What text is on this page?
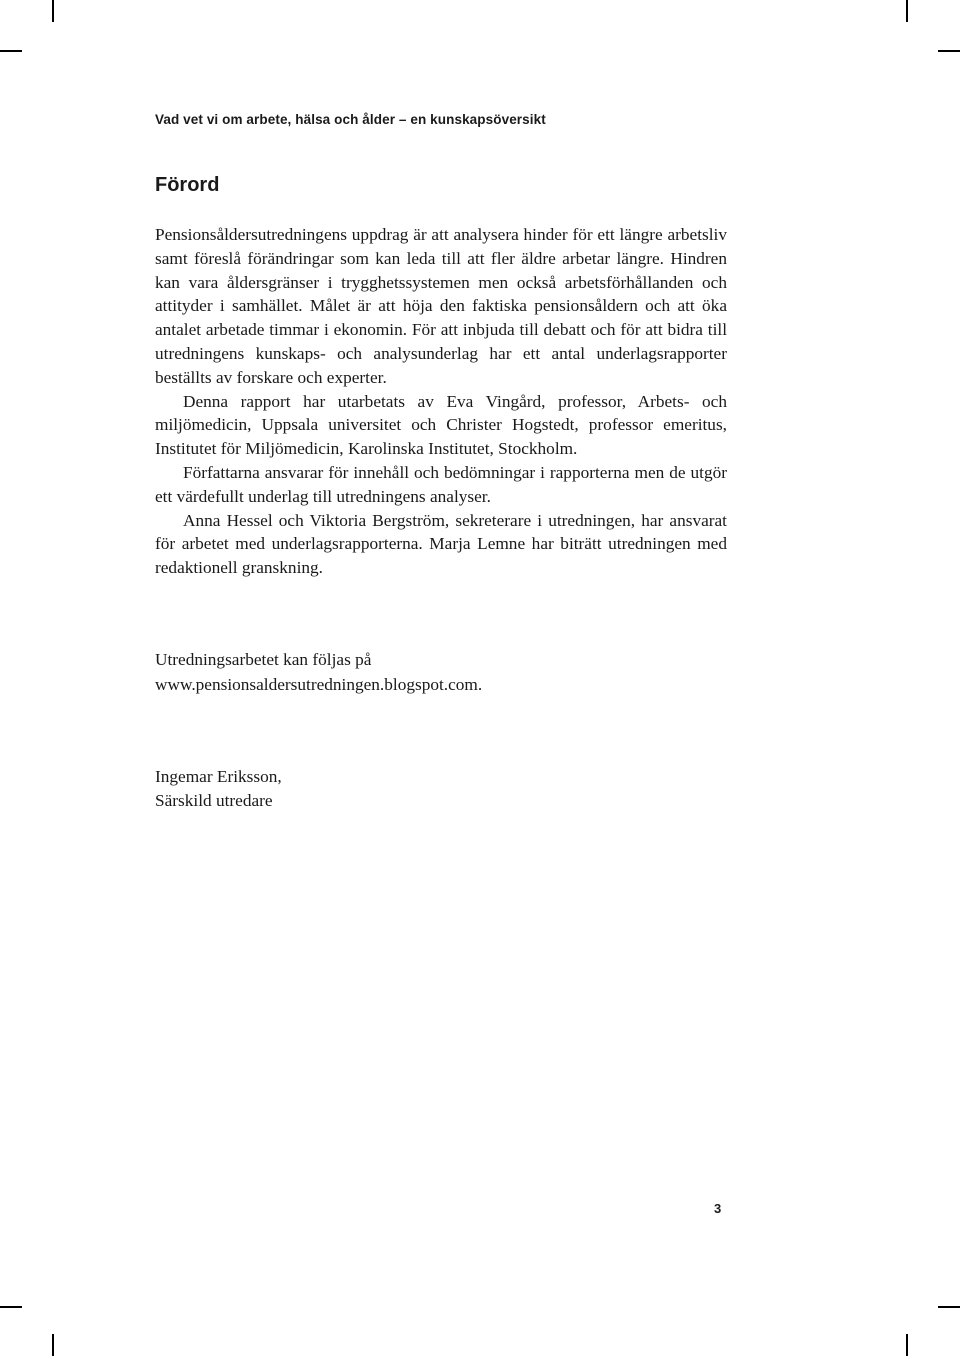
Vad vet vi om arbete, hälsa och ålder – en kunskapsöversikt

Förord

Pensionsåldersutredningens uppdrag är att analysera hinder för ett längre arbetsliv samt föreslå förändringar som kan leda till att fler äldre arbetar längre. Hindren kan vara åldersgränser i trygghetssystemen men också arbetsförhållanden och attityder i samhället. Målet är att höja den faktiska pensionsåldern och att öka antalet arbetade timmar i ekonomin. För att inbjuda till debatt och för att bidra till utredningens kunskaps- och analysunderlag har ett antal underlagsrapporter beställts av forskare och experter.

Denna rapport har utarbetats av Eva Vingård, professor, Arbets- och miljömedicin, Uppsala universitet och Christer Hogstedt, professor emeritus, Institutet för Miljömedicin, Karolinska Institutet, Stockholm.

Författarna ansvarar för innehåll och bedömningar i rapporterna men de utgör ett värdefullt underlag till utredningens analyser.

Anna Hessel och Viktoria Bergström, sekreterare i utredningen, har ansvarat för arbetet med underlagsrapporterna. Marja Lemne har biträtt utredningen med redaktionell granskning.

Utredningsarbetet kan följas på
www.pensionsaldersutredningen.blogspot.com.

Ingemar Eriksson,
Särskild utredare

3
